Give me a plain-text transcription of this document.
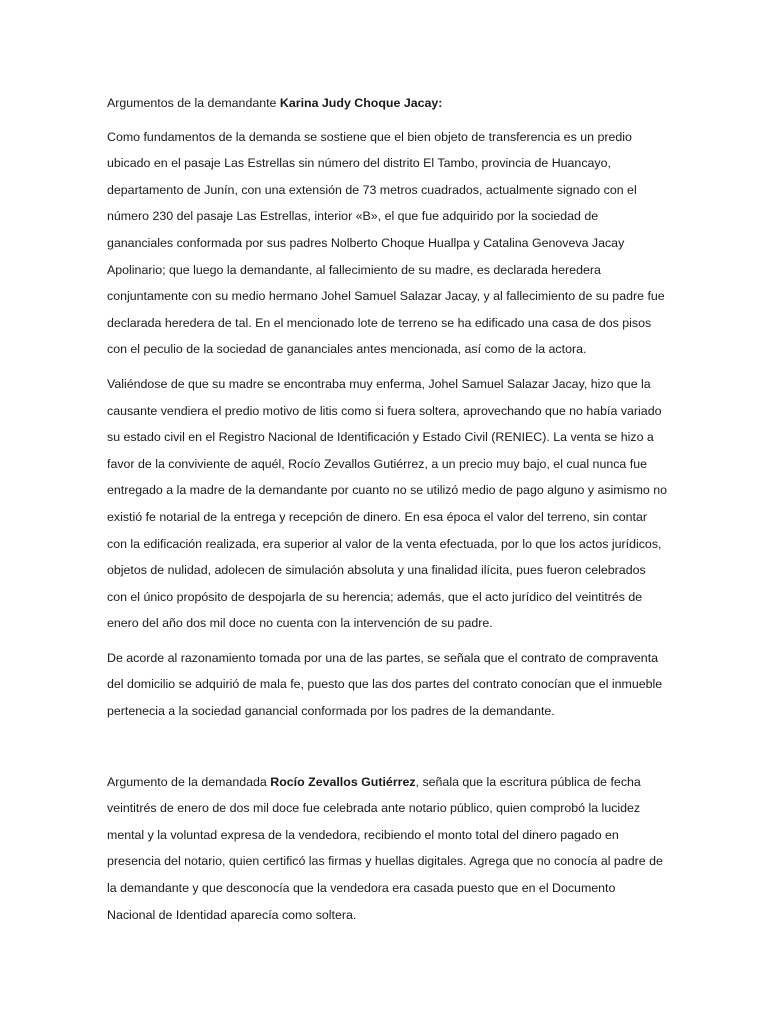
Argumentos de la demandante Karina Judy Choque Jacay:

Como fundamentos de la demanda se sostiene que el bien objeto de transferencia es un predio ubicado en el pasaje Las Estrellas sin número del distrito El Tambo, provincia de Huancayo, departamento de Junín, con una extensión de 73 metros cuadrados, actualmente signado con el número 230 del pasaje Las Estrellas, interior «B», el que fue adquirido por la sociedad de gananciales conformada por sus padres Nolberto Choque Huallpa y Catalina Genoveva Jacay Apolinario; que luego la demandante, al fallecimiento de su madre, es declarada heredera conjuntamente con su medio hermano Johel Samuel Salazar Jacay, y al fallecimiento de su padre fue declarada heredera de tal. En el mencionado lote de terreno se ha edificado una casa de dos pisos con el peculio de la sociedad de gananciales antes mencionada, así como de la actora.

Valiéndose de que su madre se encontraba muy enferma, Johel Samuel Salazar Jacay, hizo que la causante vendiera el predio motivo de litis como si fuera soltera, aprovechando que no había variado su estado civil en el Registro Nacional de Identificación y Estado Civil (RENIEC). La venta se hizo a favor de la conviviente de aquél, Rocío Zevallos Gutiérrez, a un precio muy bajo, el cual nunca fue entregado a la madre de la demandante por cuanto no se utilizó medio de pago alguno y asimismo no existió fe notarial de la entrega y recepción de dinero. En esa época el valor del terreno, sin contar con la edificación realizada, era superior al valor de la venta efectuada, por lo que los actos jurídicos, objetos de nulidad, adolecen de simulación absoluta y una finalidad ilícita, pues fueron celebrados con el único propósito de despojarla de su herencia; además, que el acto jurídico del veintitrés de enero del año dos mil doce no cuenta con la intervención de su padre.

De acorde al razonamiento tomada por una de las partes, se señala que el contrato de compraventa del domicilio se adquirió de mala fe, puesto que las dos partes del contrato conocían que el inmueble pertenecia a la sociedad ganancial conformada por los padres de la demandante.

Argumento de la demandada Rocío Zevallos Gutiérrez, señala que la escritura pública de fecha veintitrés de enero de dos mil doce fue celebrada ante notario público, quien comprobó la lucidez mental y la voluntad expresa de la vendedora, recibiendo el monto total del dinero pagado en presencia del notario, quien certificó las firmas y huellas digitales. Agrega que no conocía al padre de la demandante y que desconocía que la vendedora era casada puesto que en el Documento Nacional de Identidad aparecía como soltera.
